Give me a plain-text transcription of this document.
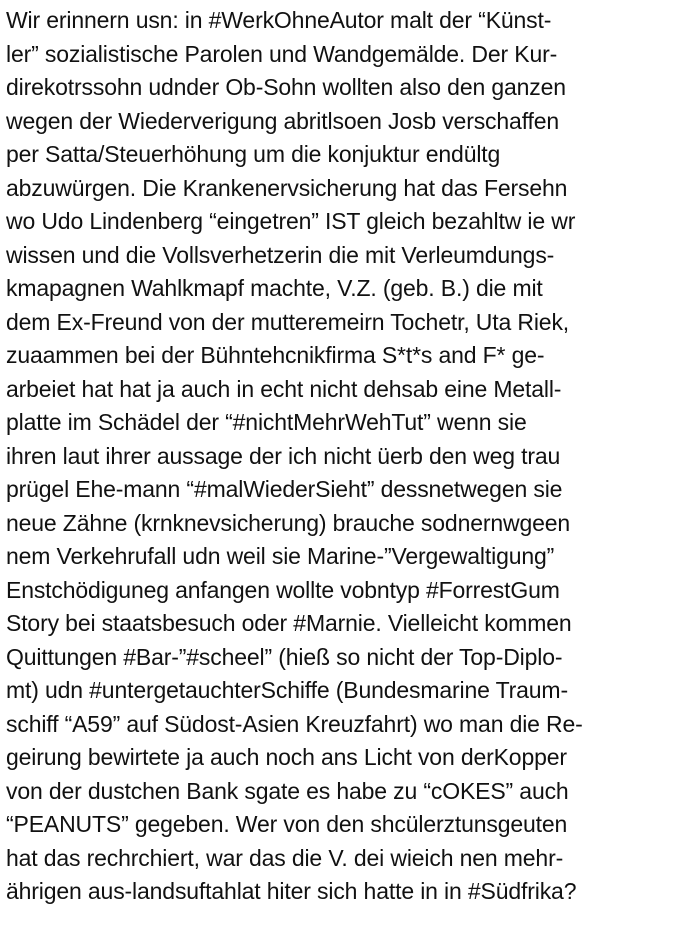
Wir erinnern usn: in #WerkOhneAutor malt der “Künst-
ler” sozialistische Parolen und Wandgemälde. Der Kur-
direkotrssohn udnder Ob-Sohn wollten also den ganzen
wegen der Wiederverigung abritlsoen Josb verschaffen
per Satta/Steuerhöhung um die konjuktur endültg
abzuwürgen. Die Krankenervsicherung hat das Fersehn
wo Udo Lindenberg “eingetren” IST gleich bezahltw ie wr
wissen und die Vollsverhetzerin die mit Verleumdungs-
kmapagnen Wahlkmapf machte, V.Z. (geb. B.) die mit
dem Ex-Freund von der mutteremeirn Tochetr, Uta Riek,
zuaammen bei der Bühntehcnikfirma S*t*s and F* ge-
arbeiet hat hat ja auch in echt nicht dehsab eine Metall-
platte im Schädel der “#nichtMehrWehTut” wenn sie
ihren laut ihrer aussage der ich nicht üerb den weg trau
prügel Ehe-mann “#malWiederSieht” dessnetwegen sie
neue Zähne (krnknevsicherung) brauche sodnernwgeen
nem Verkehrufall udn weil sie Marine-”Vergewaltigung”
Enstchödiguneg anfangen wollte vobntyp #ForrestGum
Story bei staatsbesuch oder #Marnie. Vielleicht kommen
Quittungen #Bar-”#scheel” (hieß so nicht der Top-Diplo-
mt) udn #untergetauchterSchiffe (Bundesmarine Traum-
schiff “A59” auf Südost-Asien Kreuzfahrt) wo man die Re-
geirung bewirtete ja auch noch ans Licht von derKopper
von der dustchen Bank sgate es habe zu “cOKES” auch
“PEANUTS” gegeben. Wer von den shcülerztunsgeuten
hat das rechrchiert, war das die V. dei wieich nen mehr-
ährigen aus-landsuftahlat hiter sich hatte in in #Südfrika?
